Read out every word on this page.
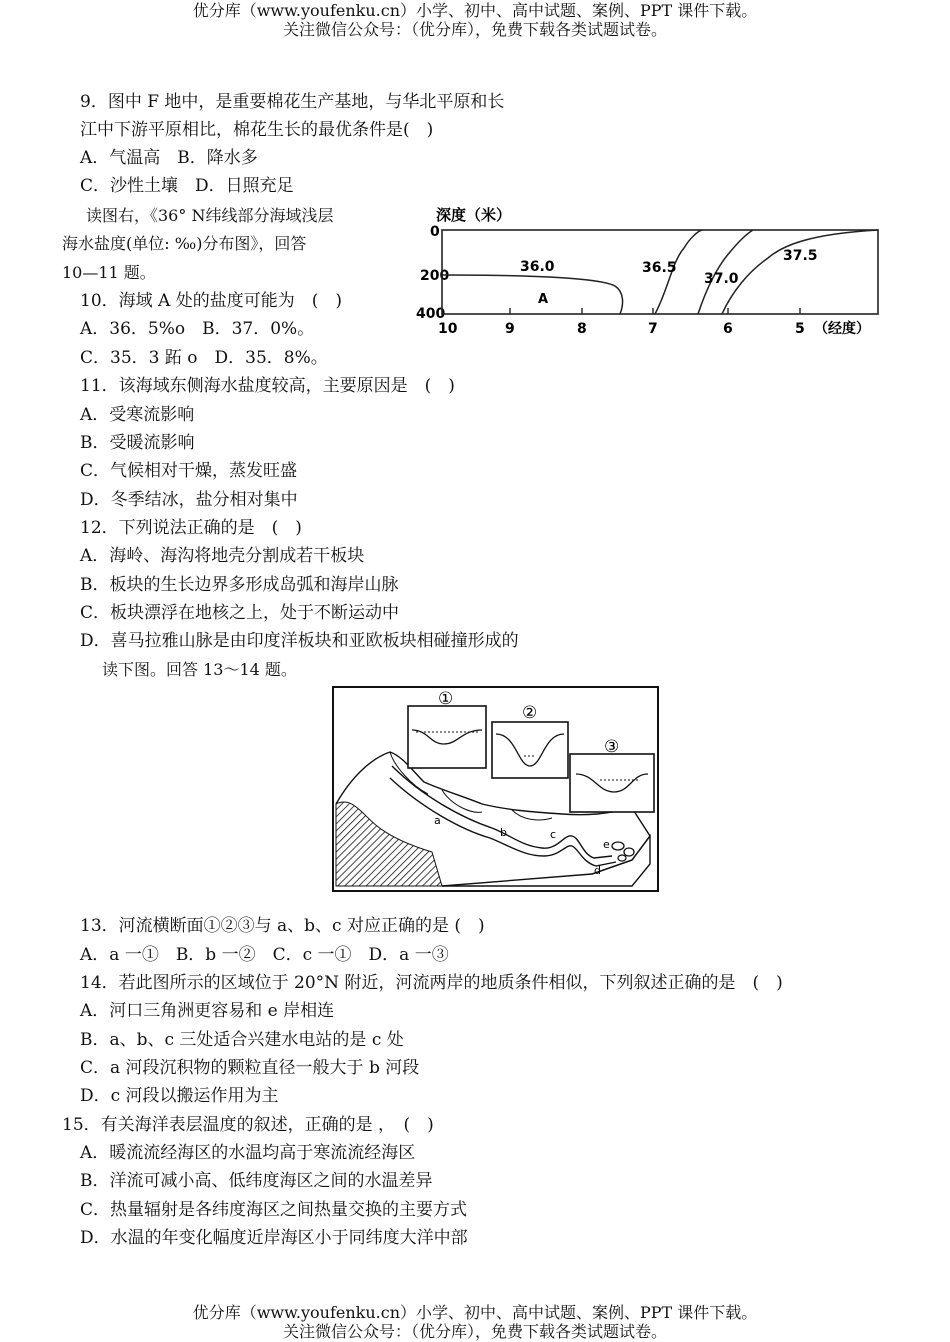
优分库（www.youfenku.cn）小学、初中、高中试题、案例、PPT 课件下载。
关注微信公众号：（优分库），免费下载各类试题试卷。
9．图中 F 地中，是重要棉花生产基地，与华北平原和长
江中下游平原相比，棉花生长的最优条件是(　)
A．气温高　B．降水多
C．沙性土壤　D．日照充足
读图右，《36° N纬线部分海域浅层
海水盐度(单位: ‰)分布图》，回答
10—11 题。
深度（米）
0
200
400
10	9	8	7	6	5 （经度）
36.0	36.5
37.0
37.5
A
10．海域 A 处的盐度可能为　(　)
A．36．5%o　B．37．0%。
C．35．3 跖 o　D．35．8%。
11．该海域东侧海水盐度较高，主要原因是　(　)
A．受寒流影响
B．受暖流影响
C．气候相对干燥，蒸发旺盛
D．冬季结冰，盐分相对集中
12．下列说法正确的是　(　)
A．海岭、海沟将地壳分割成若干板块
B．板块的生长边界多形成岛弧和海岸山脉
C．板块漂浮在地核之上，处于不断运动中
D．喜马拉雅山脉是由印度洋板块和亚欧板块相碰撞形成的
读下图。回答 13～14 题。
a
b	c
e
d
①
②
③
13．河流横断面①②③与 a、b、c 对应正确的是 (　)
A．a 一①　B．b 一②　C．c 一①　D．a 一③
14．若此图所示的区域位于 20°N 附近，河流两岸的地质条件相似，下列叙述正确的是　(　)
A．河口三角洲更容易和 e 岸相连
B．a、b、c 三处适合兴建水电站的是 c 处
C．a 河段沉积物的颗粒直径一般大于 b 河段
D．c 河段以搬运作用为主
15．有关海洋表层温度的叙述，正确的是 ，　(　)
A．暖流流经海区的水温均高于寒流流经海区
B．洋流可减小高、低纬度海区之间的水温差异
C．热量辐射是各纬度海区之间热量交换的主要方式
D．水温的年变化幅度近岸海区小于同纬度大洋中部
优分库（www.youfenku.cn）小学、初中、高中试题、案例、PPT 课件下载。
关注微信公众号：（优分库），免费下载各类试题试卷。
